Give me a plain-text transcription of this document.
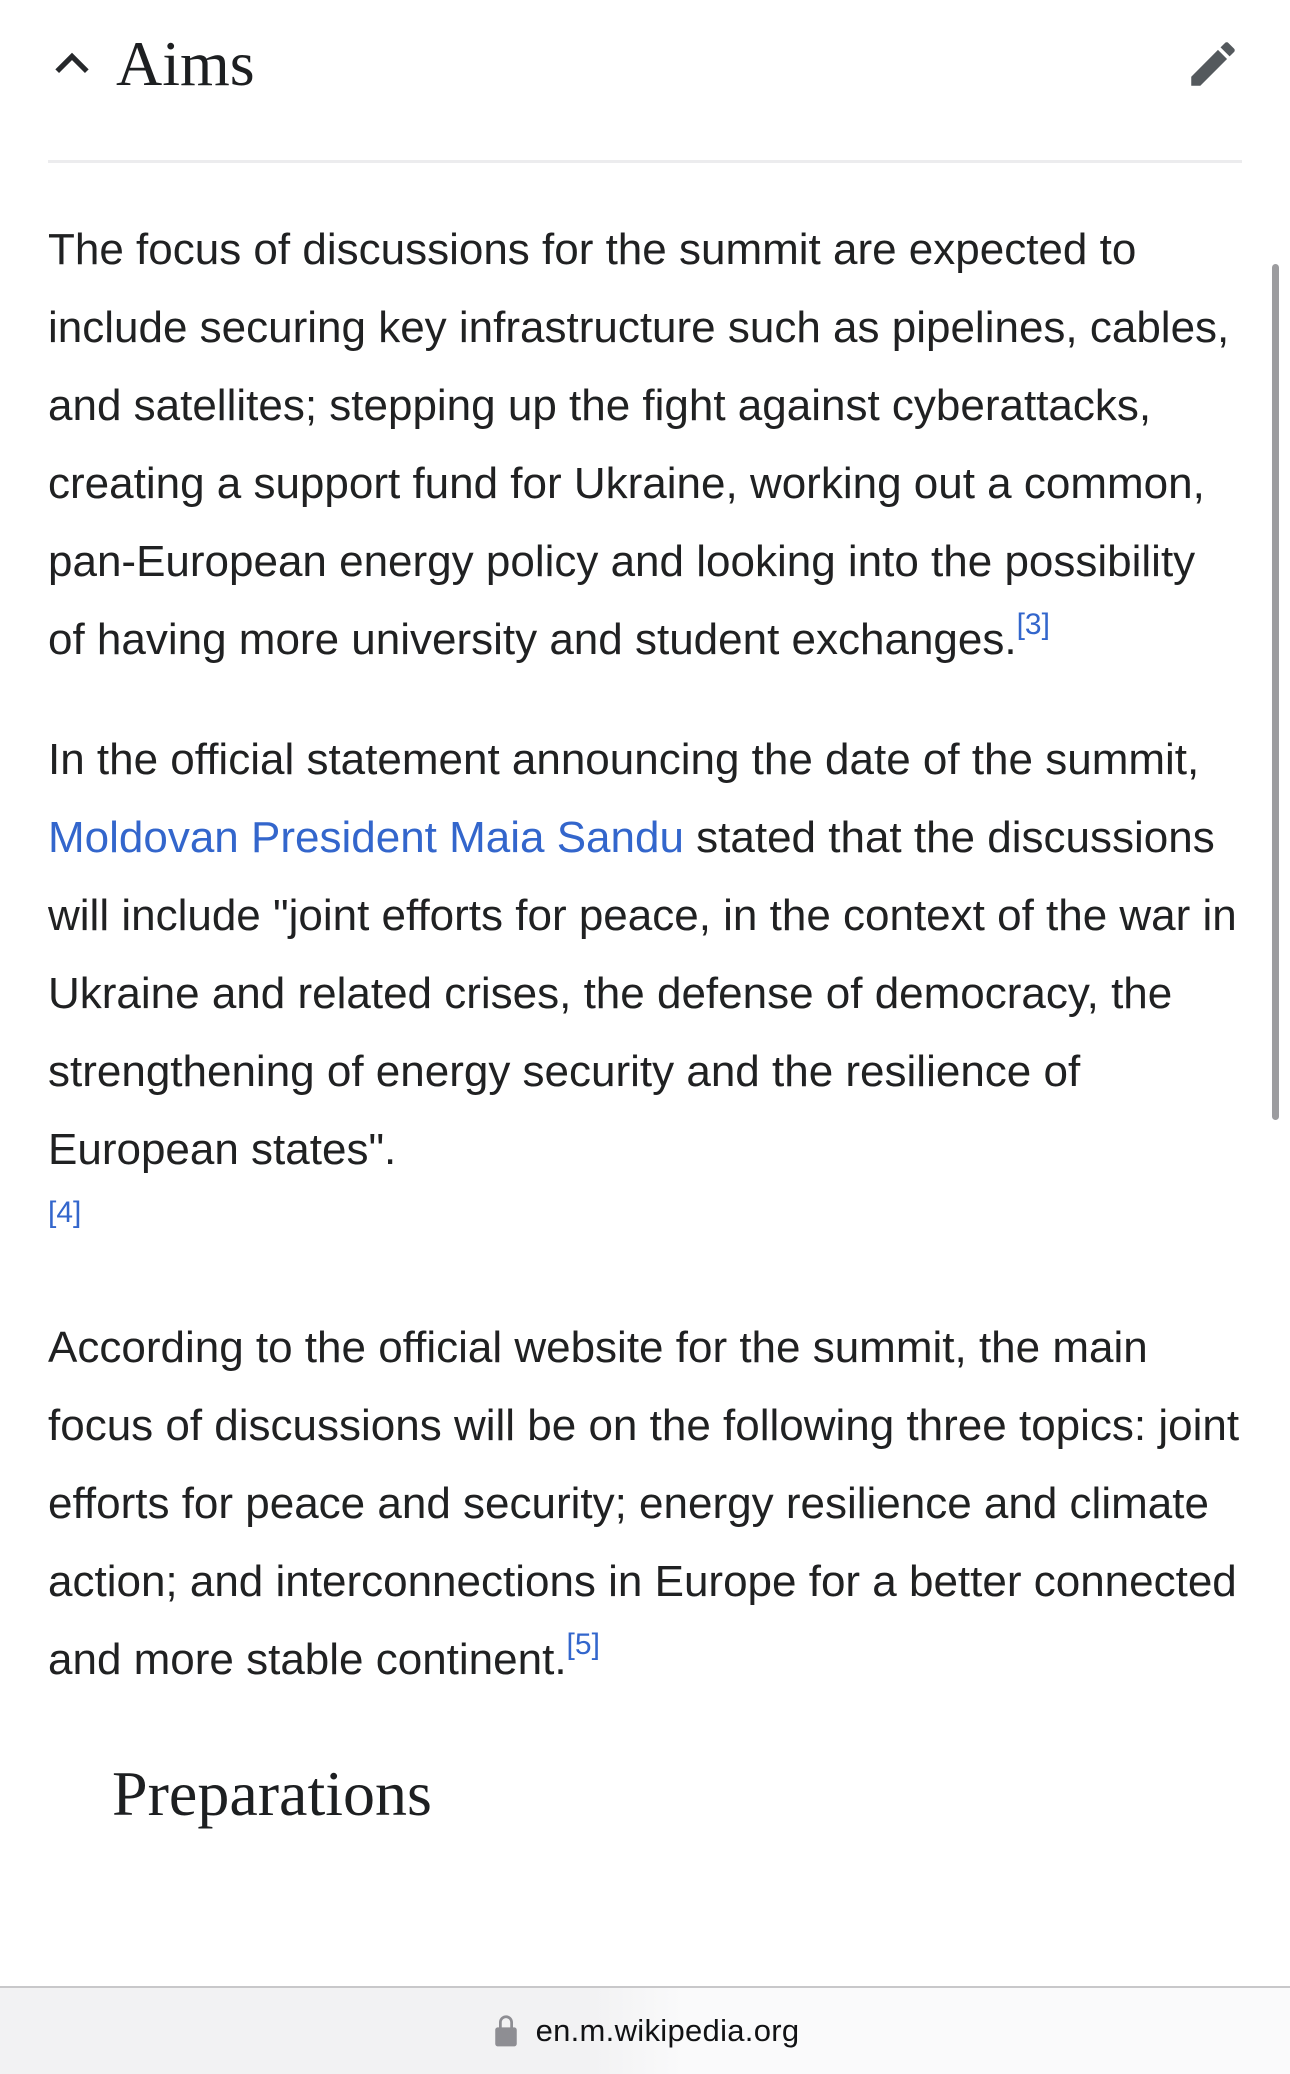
Aims

The focus of discussions for the summit are expected to include securing key infrastructure such as pipelines, cables, and satellites; stepping up the fight against cyberattacks, creating a support fund for Ukraine, working out a common, pan-European energy policy and looking into the possibility of having more university and student exchanges.[3]

In the official statement announcing the date of the summit, Moldovan President Maia Sandu stated that the discussions will include "joint efforts for peace, in the context of the war in Ukraine and related crises, the defense of democracy, the strengthening of energy security and the resilience of European states".
[4]

According to the official website for the summit, the main focus of discussions will be on the following three topics: joint efforts for peace and security; energy resilience and climate action; and interconnections in Europe for a better connected and more stable continent.[5]

Preparations
en.m.wikipedia.org
